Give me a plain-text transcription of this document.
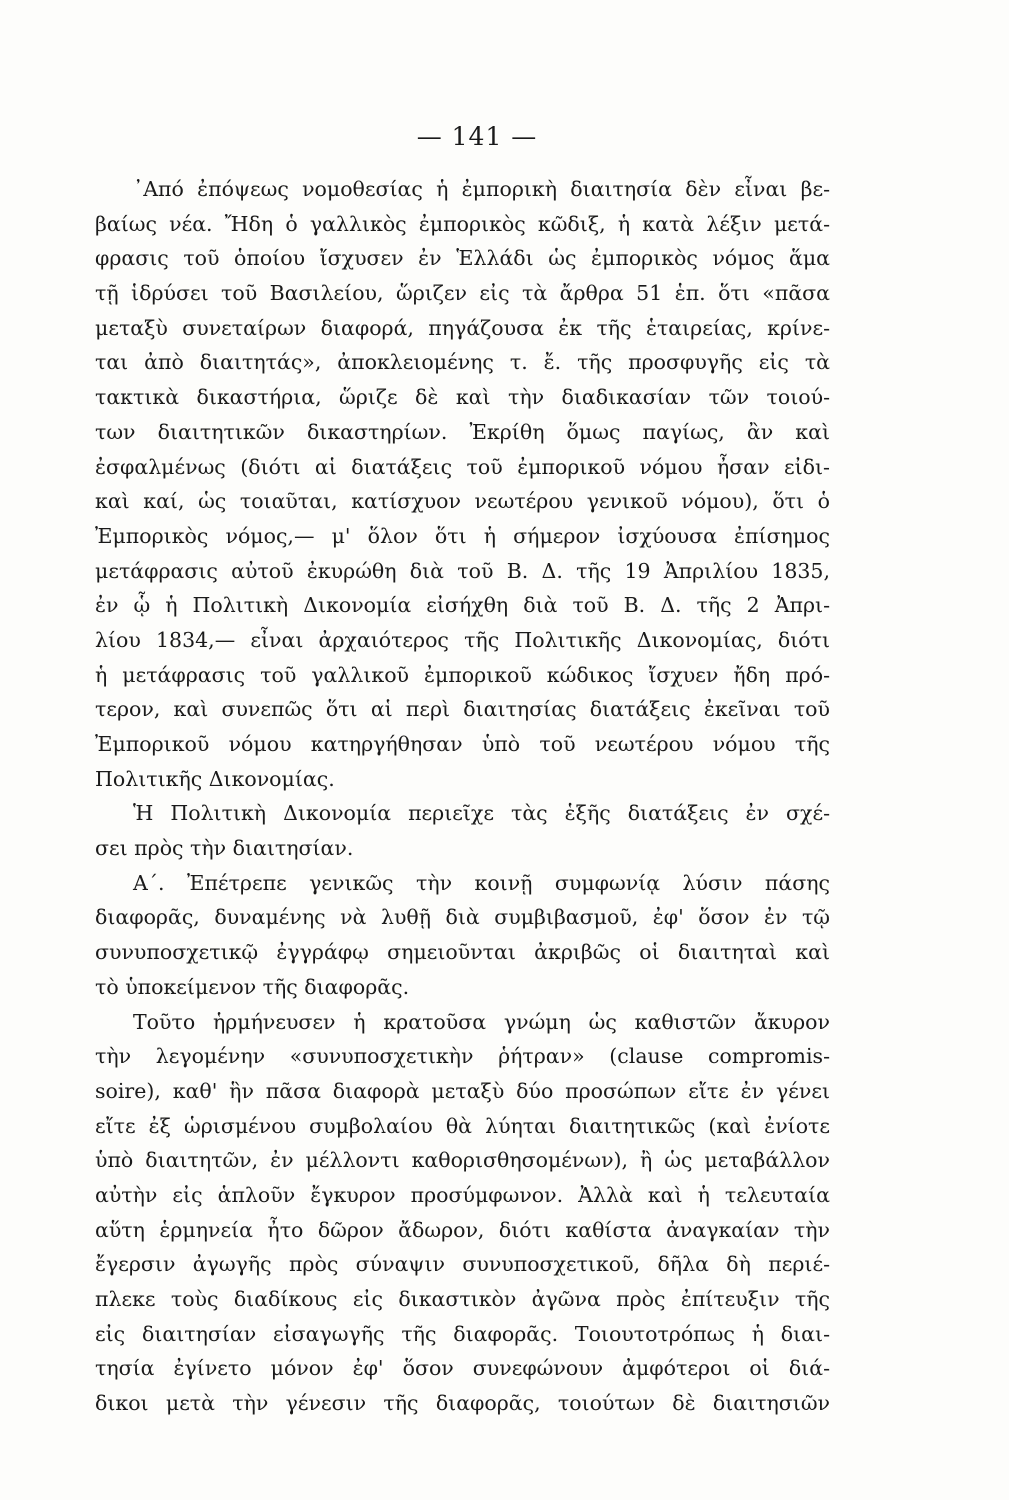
— 141 —
᾿Από ἐπόψεως νομοθεσίας ἡ ἐμπορικὴ διαιτησία δὲν εἶναι βε-
βαίως νέα. Ἤδη ὁ γαλλικὸς ἐμπορικὸς κῶδιξ, ἡ κατὰ λέξιν μετά-
φρασις τοῦ ὁποίου ἴσχυσεν ἐν Ἑλλάδι ὡς ἐμπορικὸς νόμος ἅμα
τῇ ἱδρύσει τοῦ Βασιλείου, ὥριζεν εἰς τὰ ἄρθρα 51 ἑπ. ὅτι «πᾶσα
μεταξὺ συνεταίρων διαφορά, πηγάζουσα ἐκ τῆς ἑταιρείας, κρίνε-
ται ἀπὸ διαιτητάς», ἀποκλειομένης τ. ἔ. τῆς προσφυγῆς εἰς τὰ
τακτικὰ δικαστήρια, ὥριζε δὲ καὶ τὴν διαδικασίαν τῶν τοιού-
των διαιτητικῶν δικαστηρίων. Ἐκρίθη ὅμως παγίως, ἂν καὶ
ἐσφαλμένως (διότι αἱ διατάξεις τοῦ ἐμπορικοῦ νόμου ἦσαν εἰδι-
καὶ καί, ὡς τοιαῦται, κατίσχυον νεωτέρου γενικοῦ νόμου), ὅτι ὁ
Ἐμπορικὸς νόμος,— μ' ὅλον ὅτι ἡ σήμερον ἰσχύουσα ἐπίσημος
μετάφρασις αὐτοῦ ἐκυρώθη διὰ τοῦ Β. Δ. τῆς 19 Ἀπριλίου 1835,
ἐν ᾧ ἡ Πολιτικὴ Δικονομία εἰσήχθη διὰ τοῦ Β. Δ. τῆς 2 Ἀπρι-
λίου 1834,— εἶναι ἀρχαιότερος τῆς Πολιτικῆς Δικονομίας, διότι
ἡ μετάφρασις τοῦ γαλλικοῦ ἐμπορικοῦ κώδικος ἴσχυεν ἤδη πρό-
τερον, καὶ συνεπῶς ὅτι αἱ περὶ διαιτησίας διατάξεις ἐκεῖναι τοῦ
Ἐμπορικοῦ νόμου κατηργήθησαν ὑπὸ τοῦ νεωτέρου νόμου τῆς
Πολιτικῆς Δικονομίας.
Ἡ Πολιτικὴ Δικονομία περιεῖχε τὰς ἑξῆς διατάξεις ἐν σχέ-
σει πρὸς τὴν διαιτησίαν.
Α΄. Ἐπέτρεπε γενικῶς τὴν κοινῇ συμφωνίᾳ λύσιν πάσης
διαφορᾶς, δυναμένης νὰ λυθῇ διὰ συμβιβασμοῦ, ἐφ' ὅσον ἐν τῷ
συνυποσχετικῷ ἐγγράφῳ σημειοῦνται ἀκριβῶς οἱ διαιτηταὶ καὶ
τὸ ὑποκείμενον τῆς διαφορᾶς.
Τοῦτο ἡρμήνευσεν ἡ κρατοῦσα γνώμη ὡς καθιστῶν ἄκυρον
τὴν λεγομένην «συνυποσχετικὴν ῥήτραν» (clause compromis-
soire), καθ' ἣν πᾶσα διαφορὰ μεταξὺ δύο προσώπων εἴτε ἐν γένει
εἴτε ἐξ ὡρισμένου συμβολαίου θὰ λύηται διαιτητικῶς (καὶ ἐνίοτε
ὑπὸ διαιτητῶν, ἐν μέλλοντι καθορισθησομένων), ἢ ὡς μεταβάλλον
αὐτὴν εἰς ἁπλοῦν ἔγκυρον προσύμφωνον. Ἀλλὰ καὶ ἡ τελευταία
αὕτη ἑρμηνεία ἦτο δῶρον ἄδωρον, διότι καθίστα ἀναγκαίαν τὴν
ἔγερσιν ἀγωγῆς πρὸς σύναψιν συνυποσχετικοῦ, δῆλα δὴ περιέ-
πλεκε τοὺς διαδίκους εἰς δικαστικὸν ἀγῶνα πρὸς ἐπίτευξιν τῆς
εἰς διαιτησίαν εἰσαγωγῆς τῆς διαφορᾶς. Τοιουτοτρόπως ἡ διαι-
τησία ἐγίνετο μόνον ἐφ' ὅσον συνεφώνουν ἀμφότεροι οἱ διά-
δικοι μετὰ τὴν γένεσιν τῆς διαφορᾶς, τοιούτων δὲ διαιτησιῶν
